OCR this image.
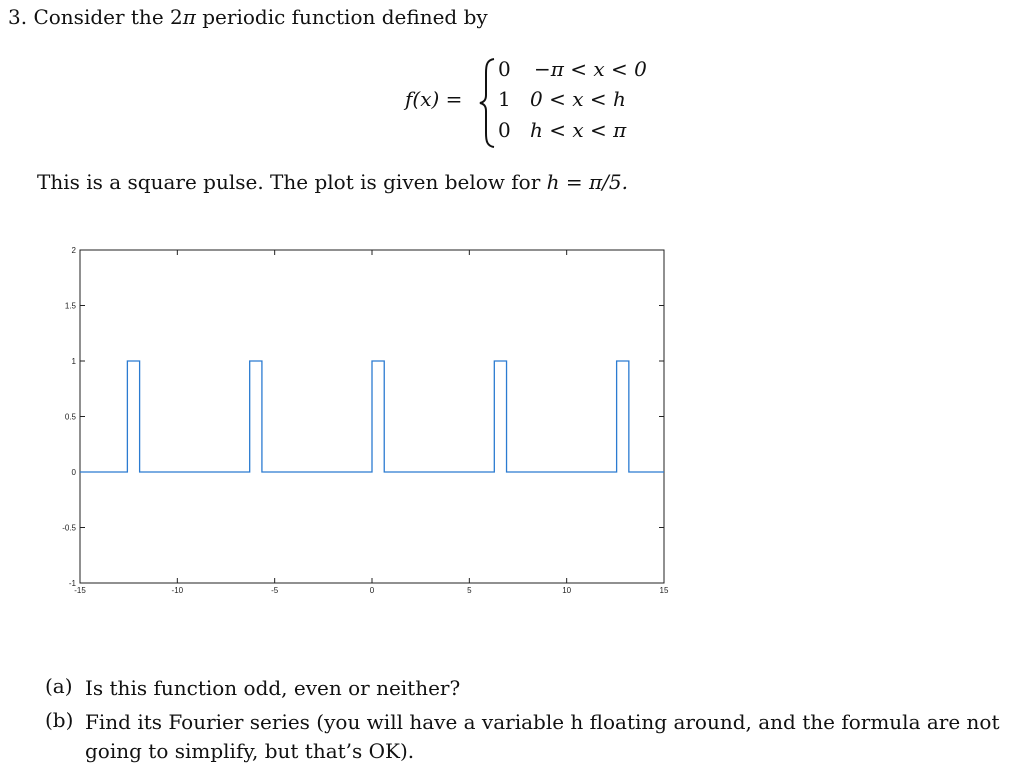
3. Consider the 2π periodic function defined by
f(x) =
0 −π < x < 0
1 0 < x < h
0 h < x < π
This is a square pulse. The plot is given below for h = π/5.
-1
-0.5
0
0.5
1
1.5
2
-15	-10	-5	0	5	10	15
(a) Is this function odd, even or neither?
(b) Find its Fourier series (you will have a variable h floating around, and the formula are not going to simplify, but that’s OK).
